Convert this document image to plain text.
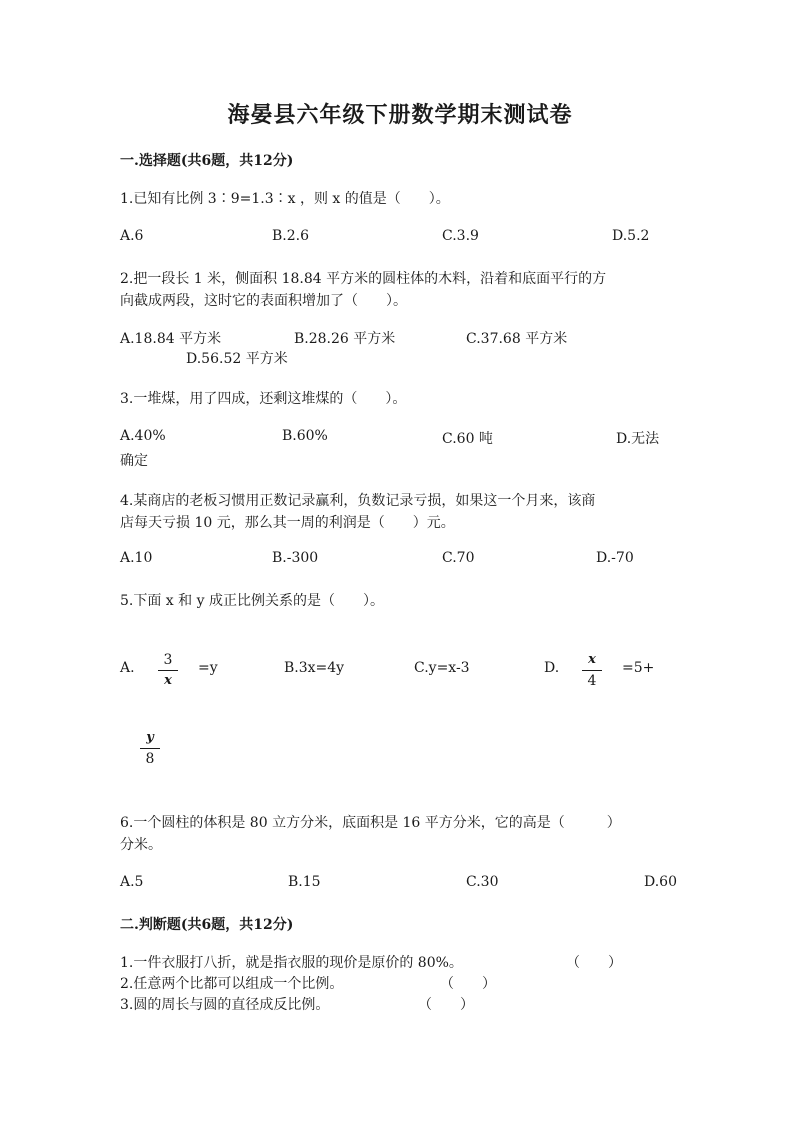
海晏县六年级下册数学期末测试卷
一.选择题(共6题，共12分)
1.已知有比例 3∶9=1.3∶x ，则 x 的值是（　　）。
A.6	B.2.6	C.3.9	D.5.2
2.把一段长 1 米，侧面积 18.84 平方米的圆柱体的木料，沿着和底面平行的方
向截成两段，这时它的表面积增加了（　　）。
A.18.84 平方米	B.28.26 平方米	C.37.68 平方米
D.56.52 平方米
3.一堆煤，用了四成，还剩这堆煤的（　　）。
A.40%	B.60%	C.60 吨	D.无法
确定
4.某商店的老板习惯用正数记录赢利，负数记录亏损，如果这一个月来，该商
店每天亏损 10 元，那么其一周的利润是（　　）元。
A.10	B.-300	C.70	D.-70
5.下面 x 和 y 成正比例关系的是（　　）。
A.	3
x
=y	B.3x=4y	C.y=x-3	D.
x
4
=5+
y
8
6.一个圆柱的体积是 80 立方分米，底面积是 16 平方分米，它的高是（　　　）
分米。
A.5	B.15	C.30	D.60
二.判断题(共6题，共12分)
1.一件衣服打八折，就是指衣服的现价是原价的 80%。	（　　）
2.任意两个比都可以组成一个比例。	（　　）
3.圆的周长与圆的直径成反比例。	（　　）
